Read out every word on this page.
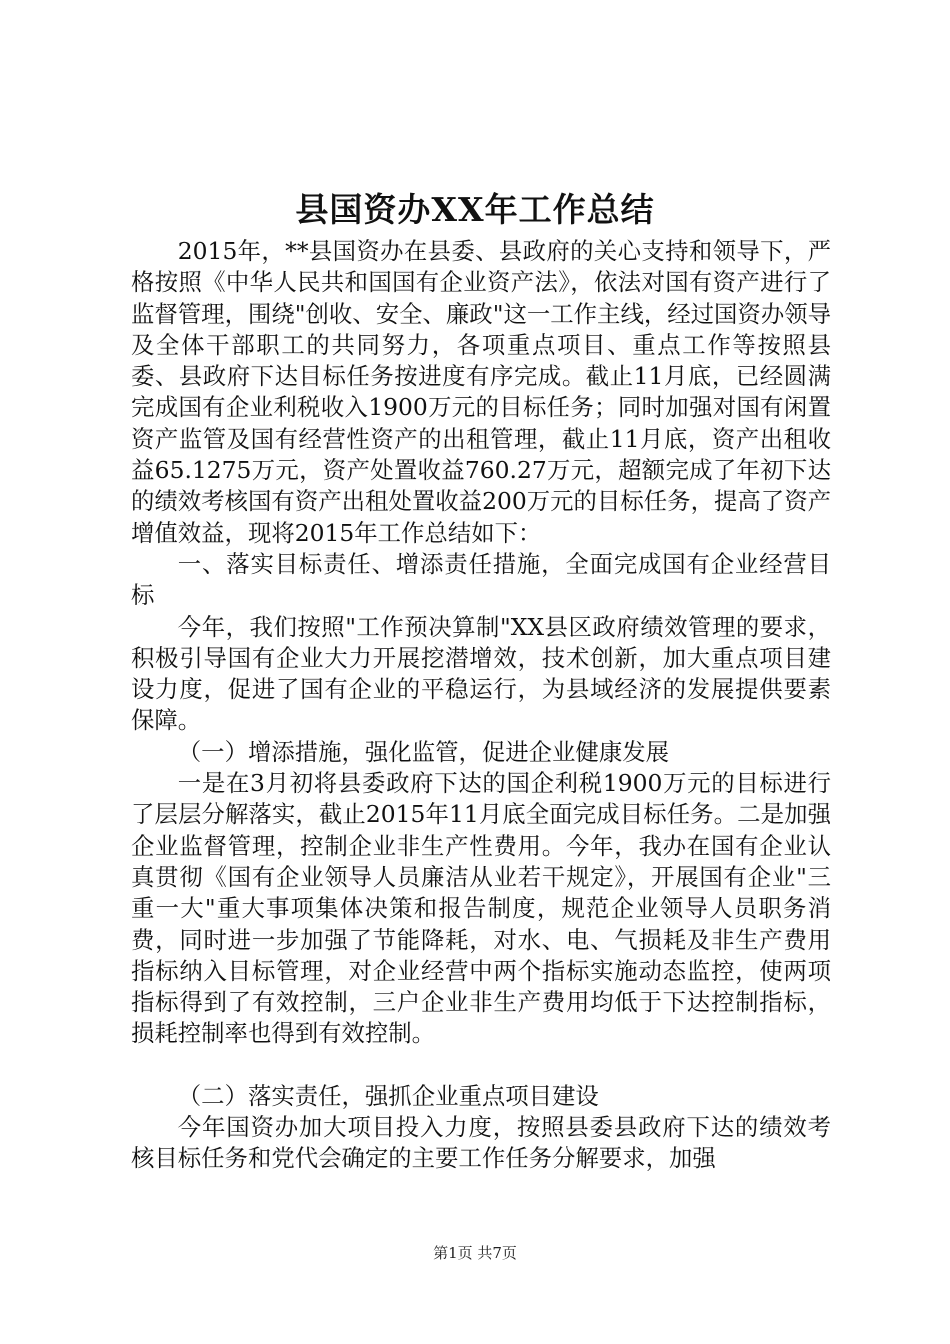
县国资办XX年工作总结

2015年，**县国资办在县委、县政府的关心支持和领导下，严格按照《中华人民共和国国有企业资产法》，依法对国有资产进行了监督管理，围绕"创收、安全、廉政"这一工作主线，经过国资办领导及全体干部职工的共同努力，各项重点项目、重点工作等按照县委、县政府下达目标任务按进度有序完成。截止11月底，已经圆满完成国有企业利税收入1900万元的目标任务；同时加强对国有闲置资产监管及国有经营性资产的出租管理，截止11月底，资产出租收益65.1275万元，资产处置收益760.27万元，超额完成了年初下达的绩效考核国有资产出租处置收益200万元的目标任务，提高了资产增值效益，现将2015年工作总结如下：

一、落实目标责任、增添责任措施，全面完成国有企业经营目标

今年，我们按照"工作预决算制"XX县区政府绩效管理的要求，积极引导国有企业大力开展挖潜增效，技术创新，加大重点项目建设力度，促进了国有企业的平稳运行，为县域经济的发展提供要素保障。

（一）增添措施，强化监管，促进企业健康发展

一是在3月初将县委政府下达的国企利税1900万元的目标进行了层层分解落实，截止2015年11月底全面完成目标任务。二是加强企业监督管理，控制企业非生产性费用。今年，我办在国有企业认真贯彻《国有企业领导人员廉洁从业若干规定》，开展国有企业"三重一大"重大事项集体决策和报告制度，规范企业领导人员职务消费，同时进一步加强了节能降耗，对水、电、气损耗及非生产费用指标纳入目标管理，对企业经营中两个指标实施动态监控，使两项指标得到了有效控制，三户企业非生产费用均低于下达控制指标，损耗控制率也得到有效控制。

（二）落实责任，强抓企业重点项目建设

今年国资办加大项目投入力度，按照县委县政府下达的绩效考核目标任务和党代会确定的主要工作任务分解要求，加强

第1页 共7页
